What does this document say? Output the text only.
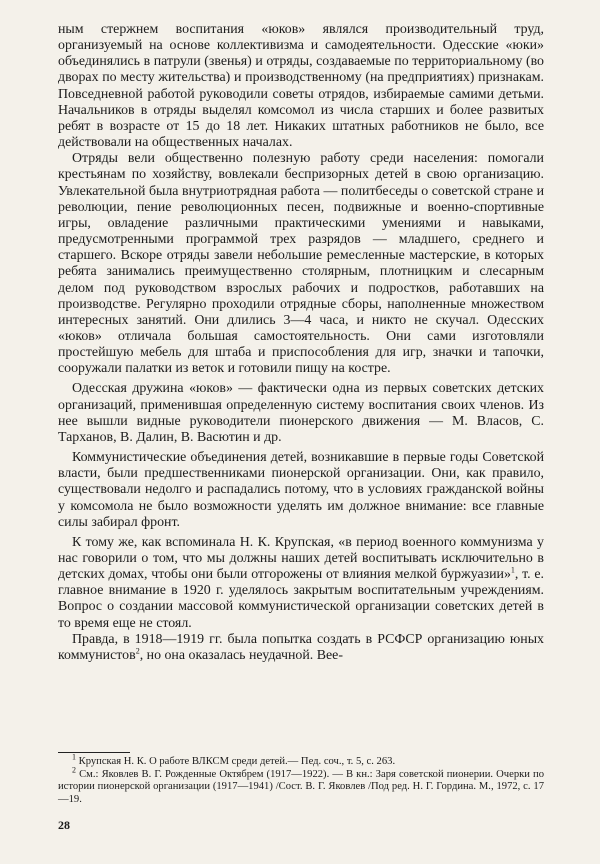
ным стержнем воспитания «юков» являлся производительный труд, организуемый на основе коллективизма и самодеятельности. Одесские «юки» объединялись в патрули (звенья) и отряды, создаваемые по территориальному (во дворах по месту жительства) и производственному (на предприятиях) признакам. Повседневной работой руководили советы отрядов, избираемые самими детьми. Начальников в отряды выделял комсомол из числа старших и более развитых ребят в возрасте от 15 до 18 лет. Никаких штатных работников не было, все действовали на общественных началах.

Отряды вели общественно полезную работу среди населения: помогали крестьянам по хозяйству, вовлекали беспризорных детей в свою организацию. Увлекательной была внутриотрядная работа — политбеседы о советской стране и революции, пение революционных песен, подвижные и военно-спортивные игры, овладение различными практическими умениями и навыками, предусмотренными программой трех разрядов — младшего, среднего и старшего. Вскоре отряды завели небольшие ремесленные мастерские, в которых ребята занимались преимущественно столярным, плотницким и слесарным делом под руководством взрослых рабочих и подростков, работавших на производстве. Регулярно проходили отрядные сборы, наполненные множеством интересных занятий. Они длились 3—4 часа, и никто не скучал. Одесских «юков» отличала большая самостоятельность. Они сами изготовляли простейшую мебель для штаба и приспособления для игр, значки и тапочки, сооружали палатки из веток и готовили пищу на костре.

Одесская дружина «юков» — фактически одна из первых советских детских организаций, применившая определенную систему воспитания своих членов. Из нее вышли видные руководители пионерского движения — М. Власов, С. Тарханов, В. Далин, В. Васютин и др.

Коммунистические объединения детей, возникавшие в первые годы Советской власти, были предшественниками пионерской организации. Они, как правило, существовали недолго и распадались потому, что в условиях гражданской войны у комсомола не было возможности уделять им должное внимание: все главные силы забирал фронт.

К тому же, как вспоминала Н. К. Крупская, «в период военного коммунизма у нас говорили о том, что мы должны наших детей воспитывать исключительно в детских домах, чтобы они были отгорожены от влияния мелкой буржуазии»$^1$, т. е. главное внимание в 1920 г. уделялось закрытым воспитательным учреждениям. Вопрос о создании массовой коммунистической организации советских детей в то время еще не стоял.

Правда, в 1918—1919 гг. была попытка создать в РСФСР организацию юных коммунистов$^2$, но она оказалась неудачной. Вее-

$^1$ Крупская Н. К. О работе ВЛКСМ среди детей.— Пед. соч., т. 5, с. 263.

$^2$ См.: Яковлев В. Г. Рожденные Октябрем (1917—1922). — В кн.: Заря советской пионерии. Очерки по истории пионерской организации (1917—1941) /Сост. В. Г. Яковлев /Под ред. Н. Г. Гордина. М., 1972, с. 17—19.

28
